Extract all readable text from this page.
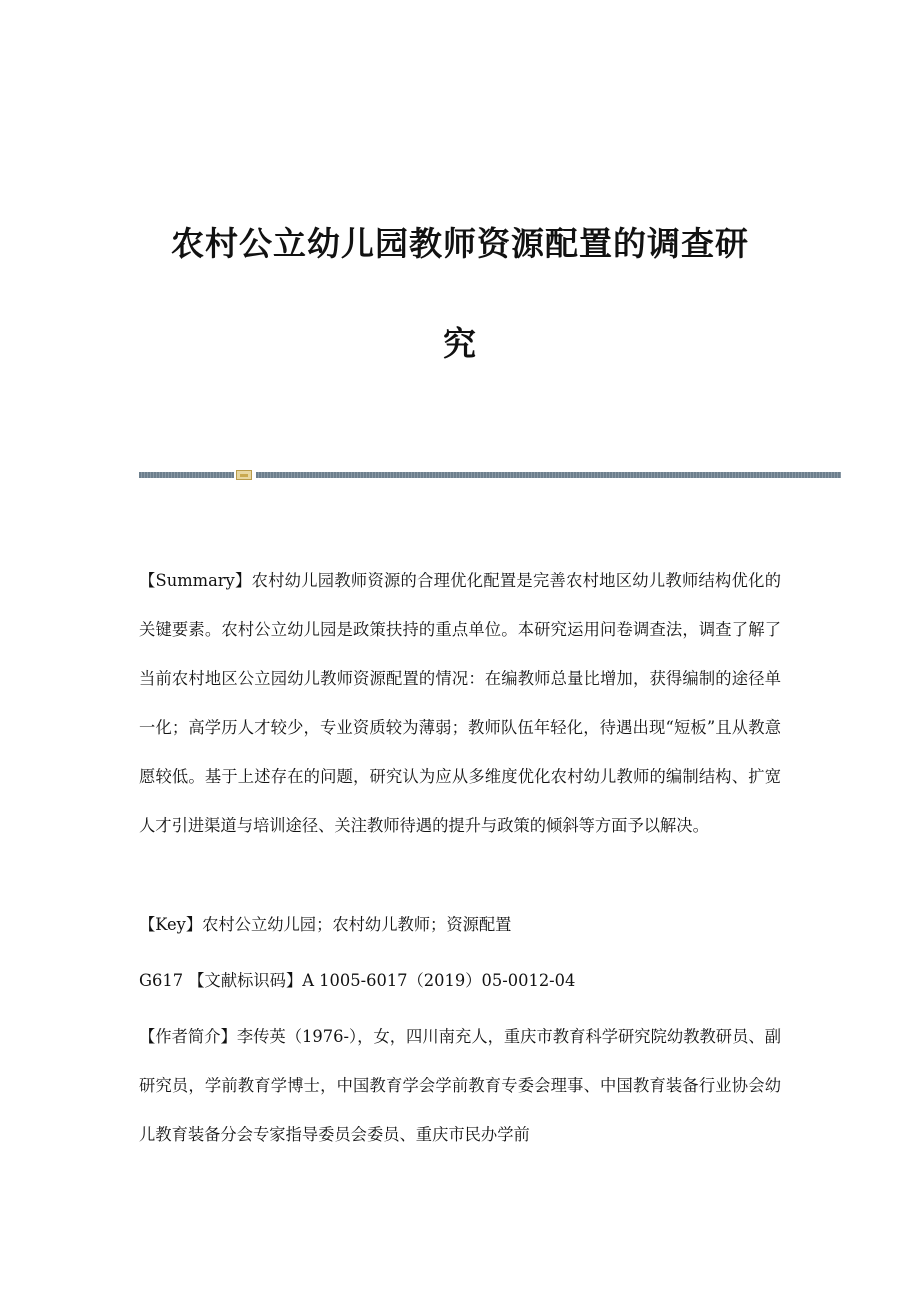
农村公立幼儿园教师资源配置的调查研
究

【Summary】农村幼儿园教师资源的合理优化配置是完善农村地区幼儿教师结构优化的关键要素。农村公立幼儿园是政策扶持的重点单位。本研究运用问卷调查法，调查了解了当前农村地区公立园幼儿教师资源配置的情况：在编教师总量比增加，获得编制的途径单一化；高学历人才较少，专业资质较为薄弱；教师队伍年轻化，待遇出现“短板”且从教意愿较低。基于上述存在的问题，研究认为应从多维度优化农村幼儿教师的编制结构、扩宽人才引进渠道与培训途径、关注教师待遇的提升与政策的倾斜等方面予以解决。

【Key】农村公立幼儿园；农村幼儿教师；资源配置

G617 【文献标识码】A 1005-6017（2019）05-0012-04

【作者简介】李传英（1976-），女，四川南充人，重庆市教育科学研究院幼教教研员、副研究员，学前教育学博士，中国教育学会学前教育专委会理事、中国教育装备行业协会幼儿教育装备分会专家指导委员会委员、重庆市民办学前
